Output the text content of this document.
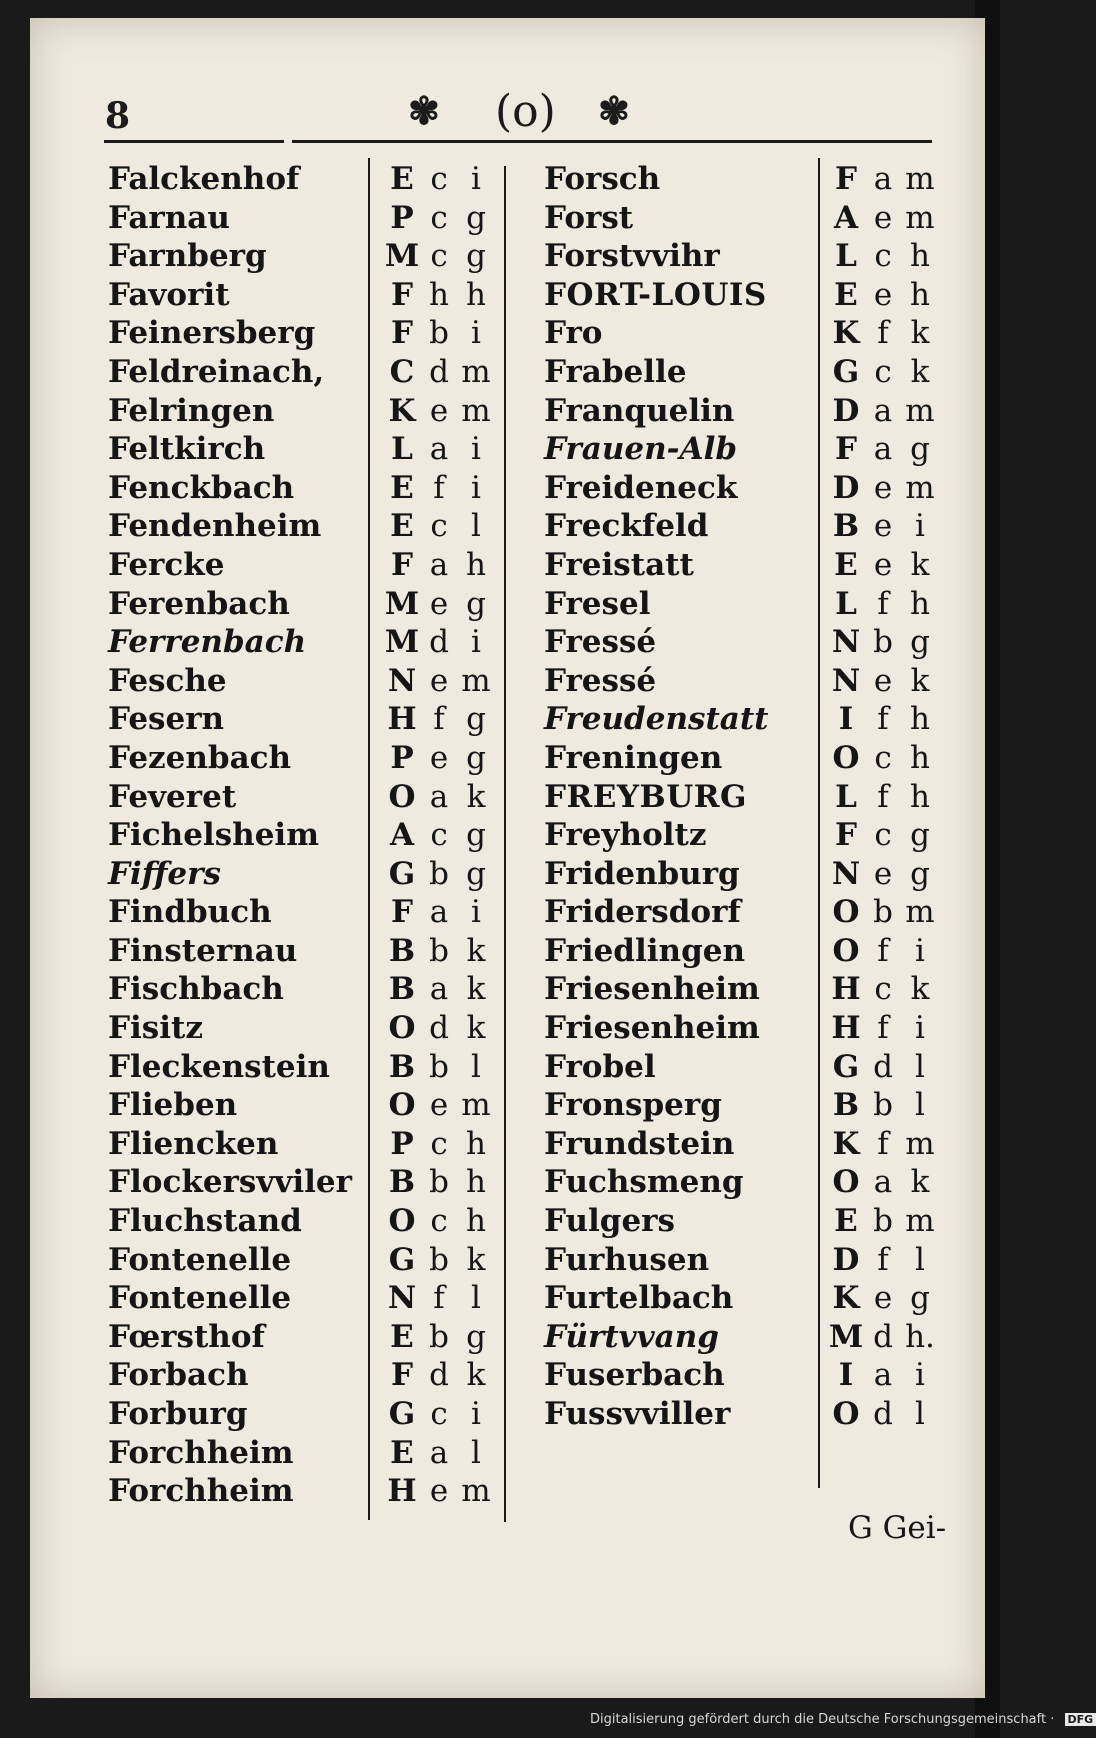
8	✾ (o) ✾
Falckenhof
Farnau
Farnberg
Favorit
Feinersberg
Feldreinach,
Felringen
Feltkirch
Fenckbach
Fendenheim
Fercke
Ferenbach
Ferrenbach
Fesche
Fesern
Fezenbach
Feveret
Fichelsheim
Fiffers
Findbuch
Finsternau
Fischbach
Fisitz
Fleckenstein
Flieben
Fliencken
Flockersvviler
Fluchstand
Fontenelle
Fontenelle
Fœrsthof
Forbach
Forburg
Forchheim
Forchheim
E c i
P c g
M c g
F h h
F b i
C d m
K e m
L a i
E f i
E c l
F a h
M e g
M d i
N e m
H f g
P e g
O a k
A c g
G b g
F a i
B b k
B a k
O d k
B b l
O e m
P c h
B b h
O c h
G b k
N f l
E b g
F d k
G c i
E a l
H e m
Forsch
Forst
Forstvvihr
FORT-LOUIS
Fro
Frabelle
Franquelin
Frauen-Alb
Freideneck
Freckfeld
Freistatt
Fresel
Fressé
Fressé
Freudenstatt
Freningen
FREYBURG
Freyholtz
Fridenburg
Fridersdorf
Friedlingen
Friesenheim
Friesenheim
Frobel
Fronsperg
Frundstein
Fuchsmeng
Fulgers
Furhusen
Furtelbach
Fürtvvang
Fuserbach
Fussvviller
F a m
A e m
L c h
E e h
K f k
G c k
D a m
F a g
D e m
B e i
E e k
L f h
N b g
N e k
I f h
O c h
L f h
F c g
N e g
O b m
O f i
H c k
H f i
G d l
B b l
K f m
O a k
E b m
D f l
K e g
M d h.
I a i
O d l
G Gei-
Digitalisierung gefördert durch die Deutsche Forschungsgemeinschaft · DFG
